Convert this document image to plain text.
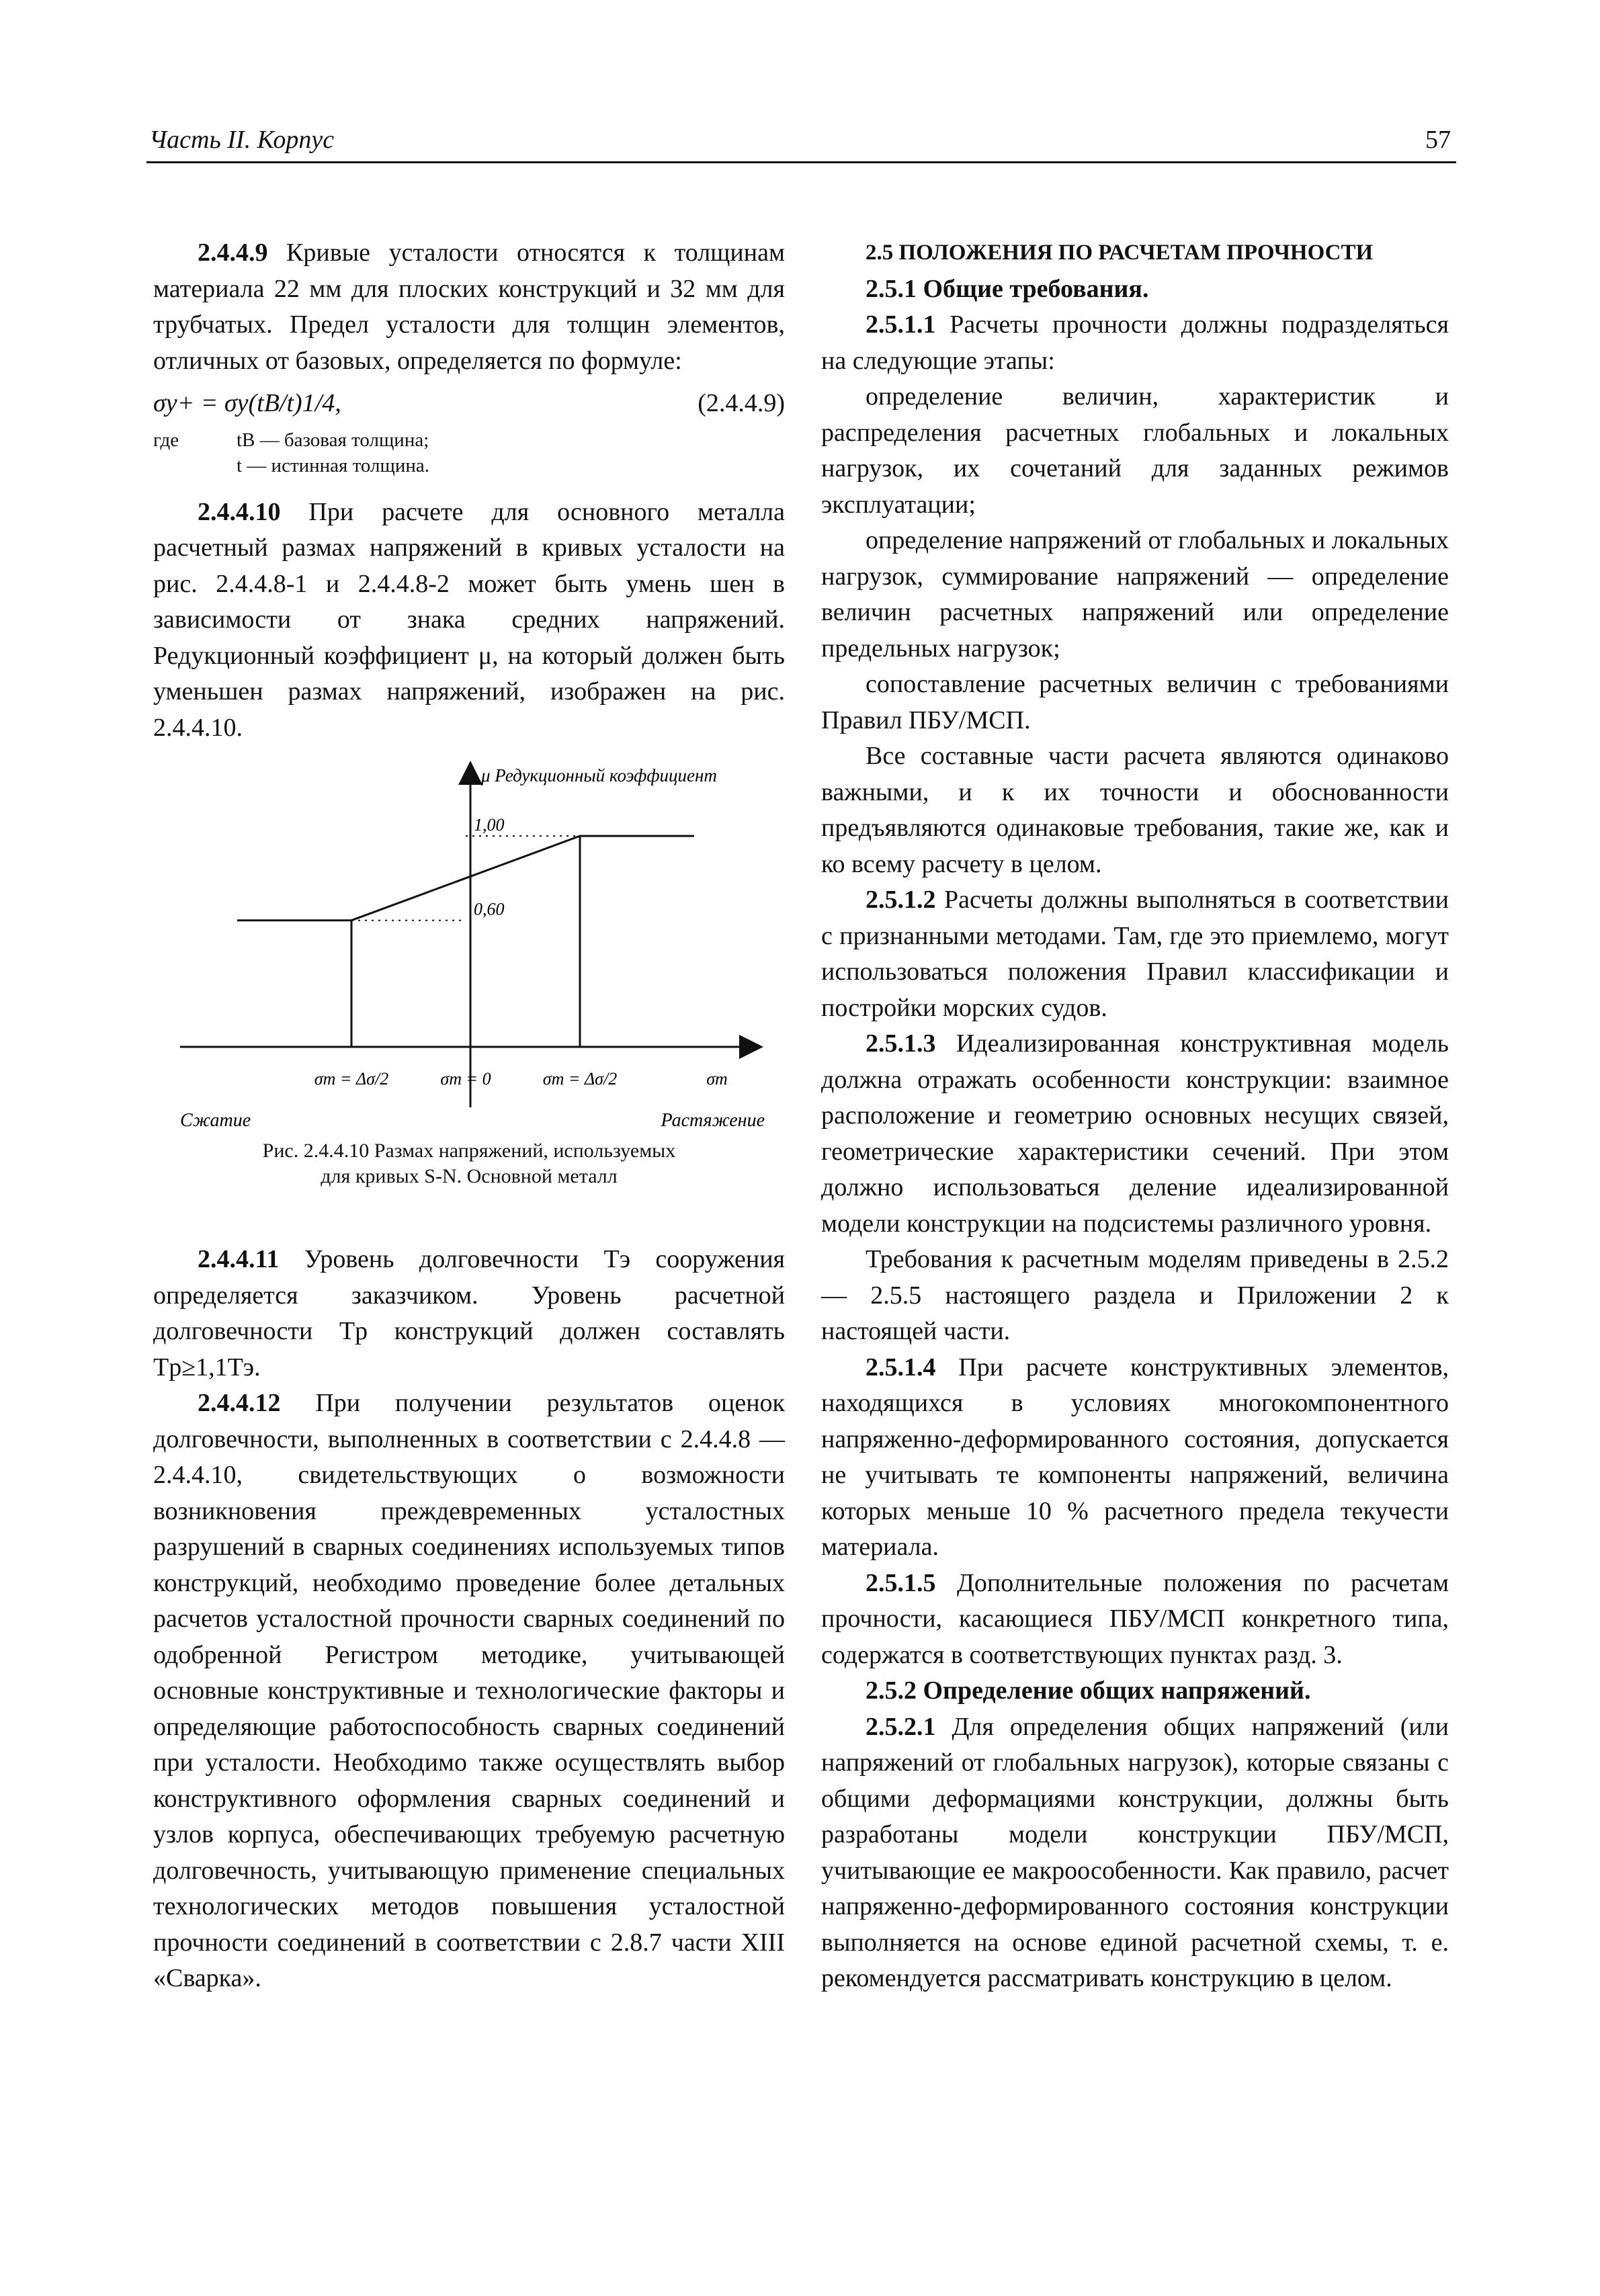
Часть II. Корпус	57

2.4.4.9 Кривые усталости относятся к толщинам материала 22 мм для плоских конструкций и 32 мм для трубчатых. Предел усталости для толщин элементов, отличных от базовых, определяется по формуле:

σy+ = σy(tB/t)1/4,	(2.4.4.9)
где	tB — базовая толщина;
t — истинная толщина.

2.4.4.10 При расчете для основного металла расчетный размах напряжений в кривых усталости на рис. 2.4.4.8-1 и 2.4.4.8-2 может быть умень шен в зависимости от знака средних напряжений. Редукционный коэффициент μ, на который должен быть уменьшен размах напряжений, изображен на рис. 2.4.4.10.

μ Редукционный коэффициент
Сжатие	Растяжение
1,00
0,60
σm = Δσ/2	σm = 0	σm = Δσ/2	σm
Рис. 2.4.4.10 Размах напряжений, используемых
для кривых S-N. Основной металл

2.4.4.11 Уровень долговечности Tэ сооружения определяется заказчиком. Уровень расчетной долговечности Tp конструкций должен составлять Tp≥1,1Tэ.

2.4.4.12 При получении результатов оценок долговечности, выполненных в соответствии с 2.4.4.8 — 2.4.4.10, свидетельствующих о возможности возникновения преждевременных усталостных разрушений в сварных соединениях используемых типов конструкций, необходимо проведение более детальных расчетов усталостной прочности сварных соединений по одобренной Регистром методике, учитывающей основные конструктивные и технологические факторы и определяющие работоспособность сварных соединений при усталости. Необходимо также осуществлять выбор конструктивного оформления сварных соединений и узлов корпуса, обеспечивающих требуемую расчетную долговечность, учитывающую применение специальных технологических методов повышения усталостной прочности соединений в соответствии с 2.8.7 части XIII «Сварка».

2.5 ПОЛОЖЕНИЯ ПО РАСЧЕТАМ ПРОЧНОСТИ

2.5.1 Общие требования.

2.5.1.1 Расчеты прочности должны подразделяться на следующие этапы:

определение величин, характеристик и распределения расчетных глобальных и локальных нагрузок, их сочетаний для заданных режимов эксплуатации;

определение напряжений от глобальных и локальных нагрузок, суммирование напряжений — определение величин расчетных напряжений или определение предельных нагрузок;

сопоставление расчетных величин с требованиями Правил ПБУ/МСП.

Все составные части расчета являются одинаково важными, и к их точности и обоснованности предъявляются одинаковые требования, такие же, как и ко всему расчету в целом.

2.5.1.2 Расчеты должны выполняться в соответствии с признанными методами. Там, где это приемлемо, могут использоваться положения Правил классификации и постройки морских судов.

2.5.1.3 Идеализированная конструктивная модель должна отражать особенности конструкции: взаимное расположение и геометрию основных несущих связей, геометрические характеристики сечений. При этом должно использоваться деление идеализированной модели конструкции на подсистемы различного уровня.

Требования к расчетным моделям приведены в 2.5.2 — 2.5.5 настоящего раздела и Приложении 2 к настоящей части.

2.5.1.4 При расчете конструктивных элементов, находящихся в условиях многокомпонентного напряженно-деформированного состояния, допускается не учитывать те компоненты напряжений, величина которых меньше 10 % расчетного предела текучести материала.

2.5.1.5 Дополнительные положения по расчетам прочности, касающиеся ПБУ/МСП конкретного типа, содержатся в соответствующих пунктах разд. 3.

2.5.2 Определение общих напряжений.

2.5.2.1 Для определения общих напряжений (или напряжений от глобальных нагрузок), которые связаны с общими деформациями конструкции, должны быть разработаны модели конструкции ПБУ/МСП, учитывающие ее макроособенности. Как правило, расчет напряженно-деформированного состояния конструкции выполняется на основе единой расчетной схемы, т. е. рекомендуется рассматривать конструкцию в целом.
